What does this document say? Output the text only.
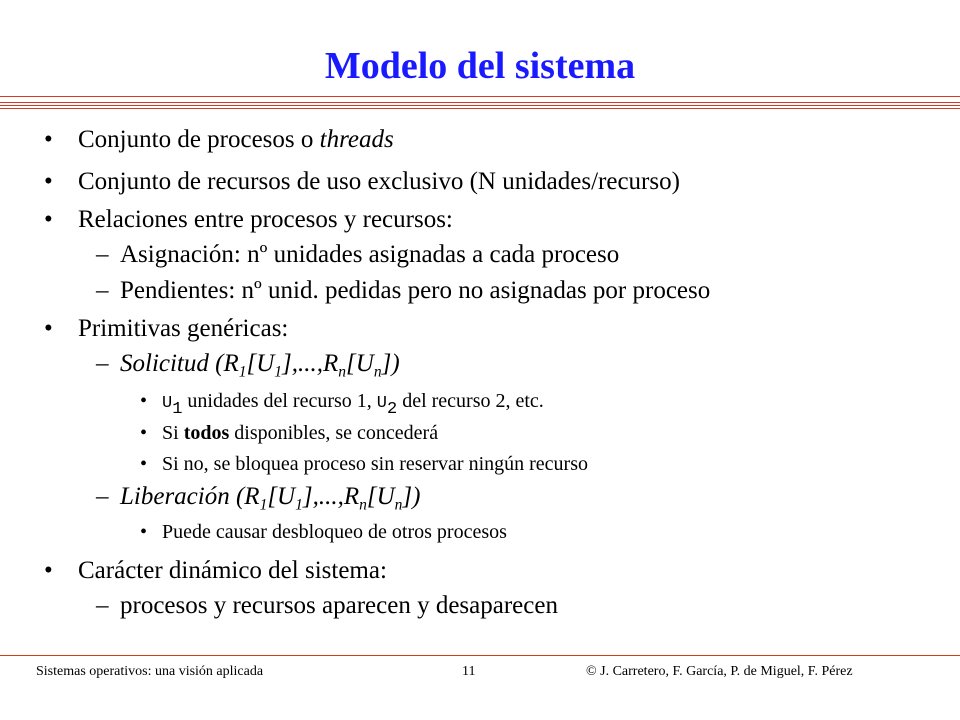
Modelo del sistema
• Conjunto de procesos o threads
• Conjunto de recursos de uso exclusivo (N unidades/recurso)
• Relaciones entre procesos y recursos:
– Asignación: nº unidades asignadas a cada proceso
– Pendientes: nº unid. pedidas pero no asignadas por proceso
• Primitivas genéricas:
– Solicitud $(R_1[U_1],...,R_n[U_n])$
• $U_1$ unidades del recurso 1, $U_2$ del recurso 2, etc.
• Si todos disponibles, se concederá
• Si no, se bloquea proceso sin reservar ningún recurso
– Liberación $(R_1[U_1],...,R_n[U_n])$
• Puede causar desbloqueo de otros procesos
• Carácter dinámico del sistema:
– procesos y recursos aparecen y desaparecen
Sistemas operativos: una visión aplicada	11	© J. Carretero, F. García, P. de Miguel, F. Pérez
